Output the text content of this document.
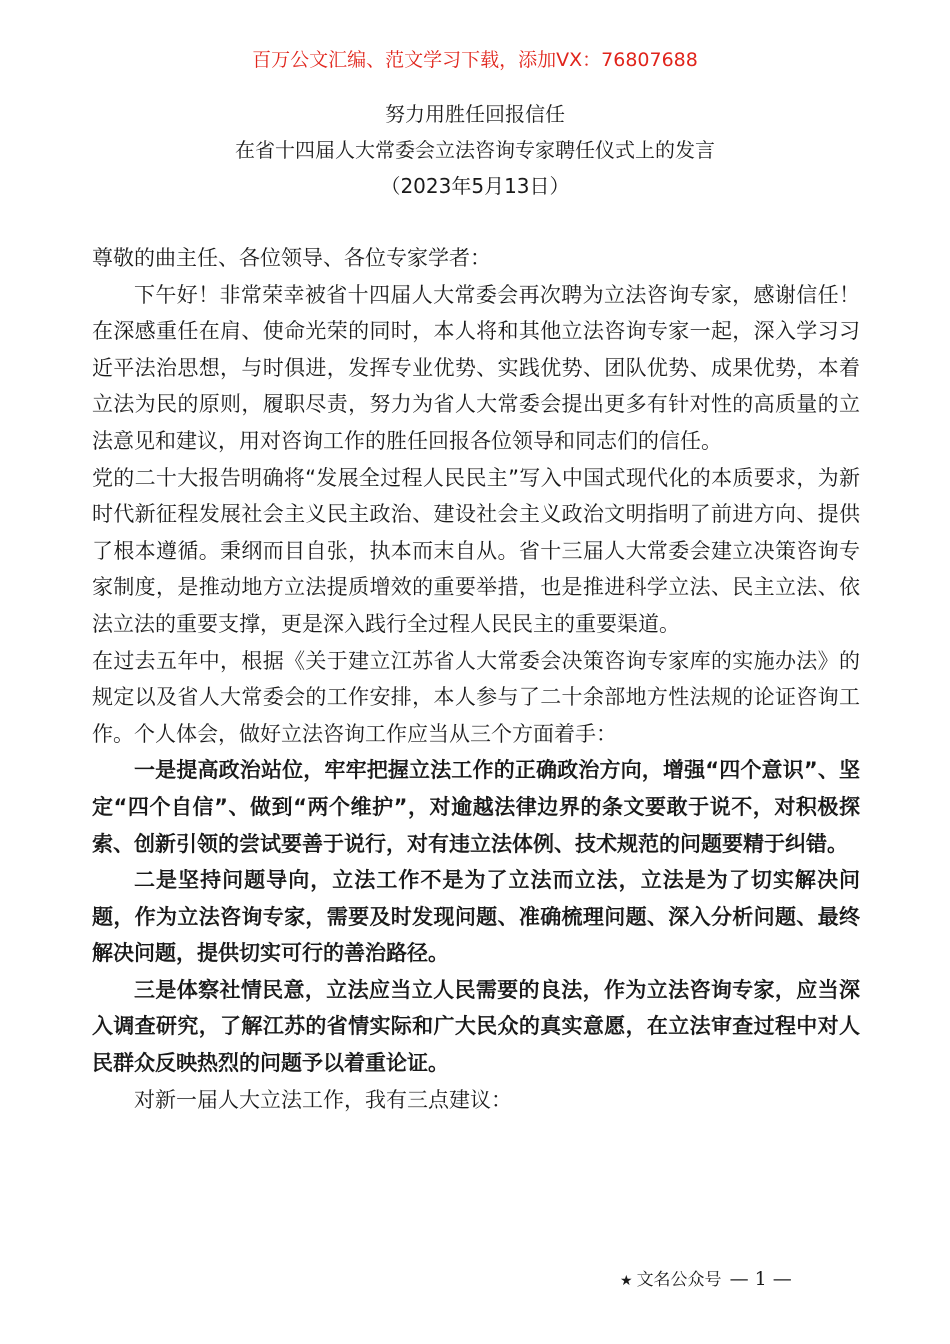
百万公文汇编、范文学习下载，添加VX：76807688
努力用胜任回报信任
在省十四届人大常委会立法咨询专家聘任仪式上的发言
（2023年5月13日）

尊敬的曲主任、各位领导、各位专家学者：

下午好！非常荣幸被省十四届人大常委会再次聘为立法咨询专家，感谢信任！在深感重任在肩、使命光荣的同时，本人将和其他立法咨询专家一起，深入学习习近平法治思想，与时俱进，发挥专业优势、实践优势、团队优势、成果优势，本着立法为民的原则，履职尽责，努力为省人大常委会提出更多有针对性的高质量的立法意见和建议，用对咨询工作的胜任回报各位领导和同志们的信任。

党的二十大报告明确将“发展全过程人民民主”写入中国式现代化的本质要求，为新时代新征程发展社会主义民主政治、建设社会主义政治文明指明了前进方向、提供了根本遵循。秉纲而目自张，执本而末自从。省十三届人大常委会建立决策咨询专家制度，是推动地方立法提质增效的重要举措，也是推进科学立法、民主立法、依法立法的重要支撑，更是深入践行全过程人民民主的重要渠道。

在过去五年中，根据《关于建立江苏省人大常委会决策咨询专家库的实施办法》的规定以及省人大常委会的工作安排，本人参与了二十余部地方性法规的论证咨询工作。个人体会，做好立法咨询工作应当从三个方面着手：

一是提高政治站位，牢牢把握立法工作的正确政治方向，增强“四个意识”、坚定“四个自信”、做到“两个维护”，对逾越法律边界的条文要敢于说不，对积极探索、创新引领的尝试要善于说行，对有违立法体例、技术规范的问题要精于纠错。

二是坚持问题导向，立法工作不是为了立法而立法，立法是为了切实解决问题，作为立法咨询专家，需要及时发现问题、准确梳理问题、深入分析问题、最终解决问题，提供切实可行的善治路径。

三是体察社情民意，立法应当立人民需要的良法，作为立法咨询专家，应当深入调查研究，了解江苏的省情实际和广大民众的真实意愿，在立法审查过程中对人民群众反映热烈的问题予以着重论证。

对新一届人大立法工作，我有三点建议：

★ 文名公众号 — 1 —
